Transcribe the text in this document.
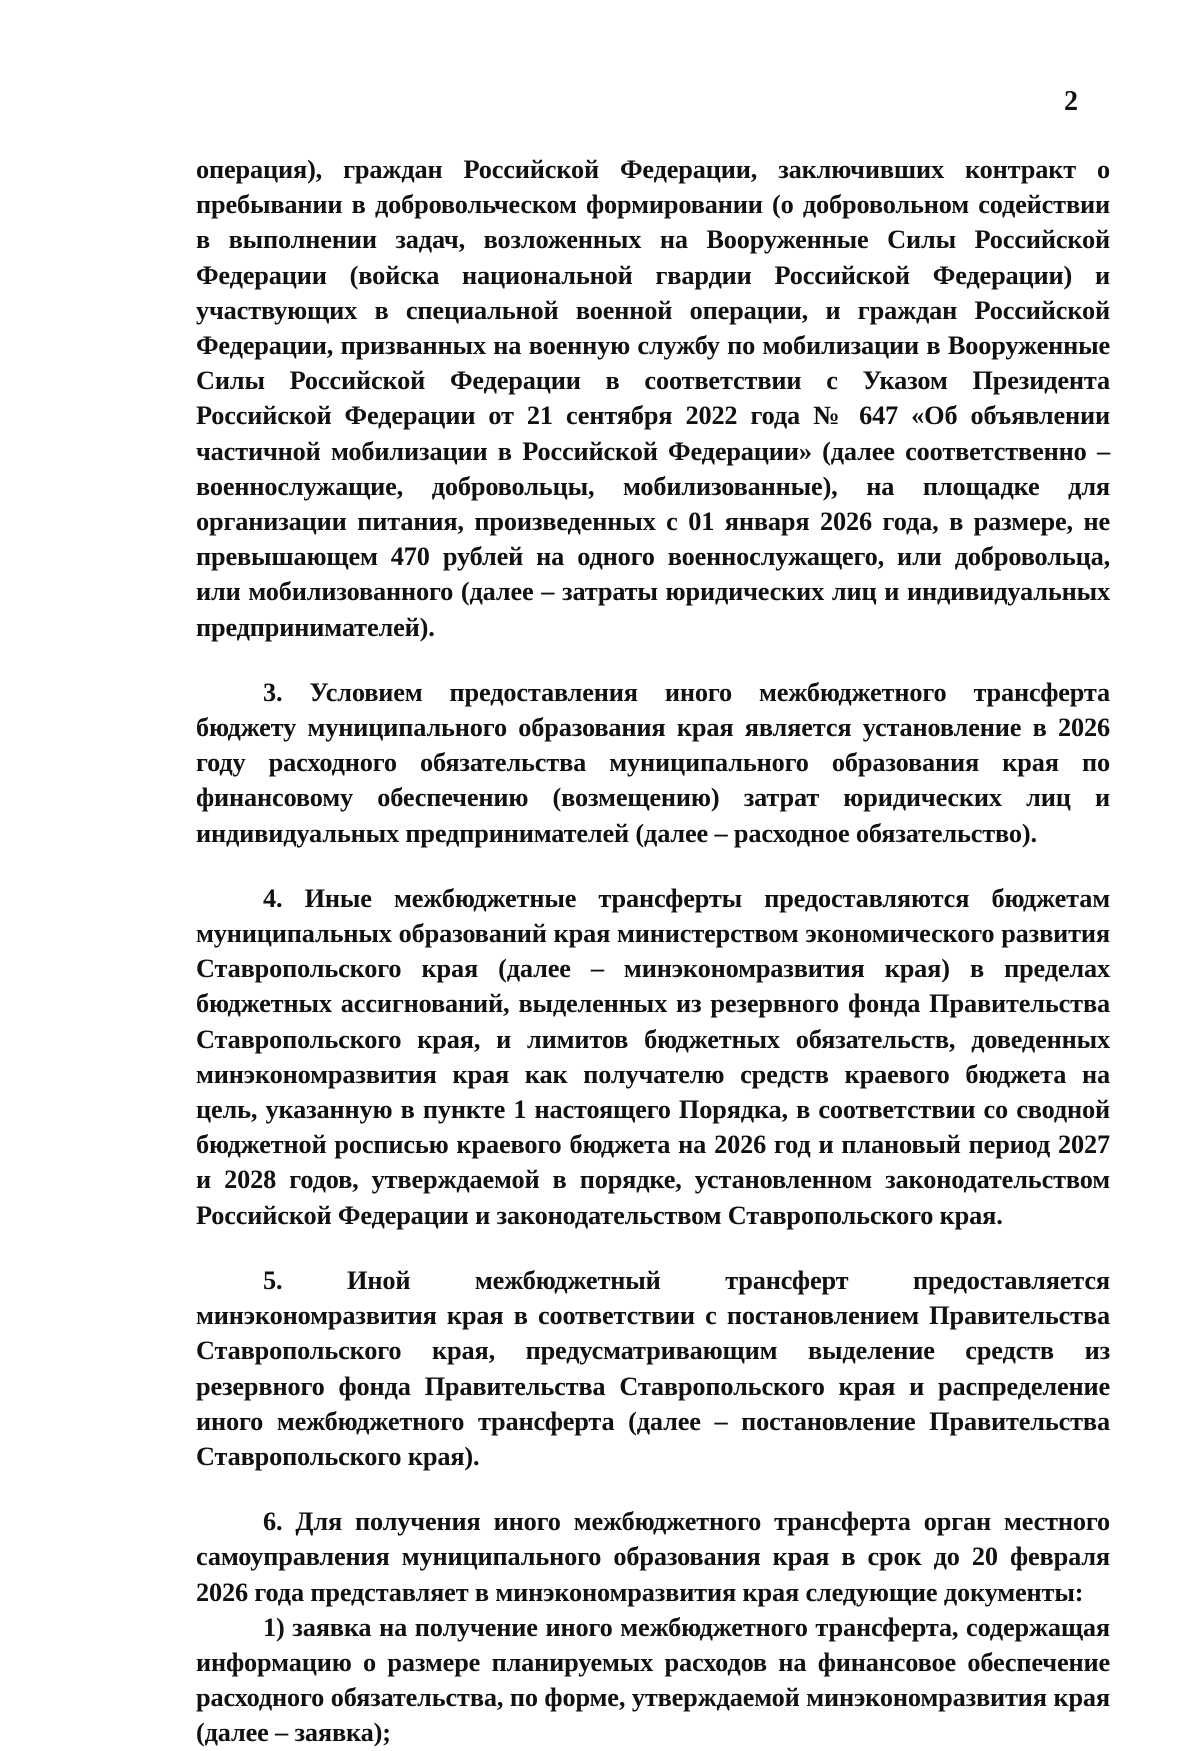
2

операция), граждан Российской Федерации, заключивших контракт о пребывании в добровольческом формировании (о добровольном содействии в выполнении задач, возложенных на Вооруженные Силы Российской Федерации (войска национальной гвардии Российской Федерации) и участвующих в специальной военной операции, и граждан Российской Федерации, призванных на военную службу по мобилизации в Вооруженные Силы Российской Федерации в соответствии с Указом Президента Российской Федерации от 21 сентября 2022 года № 647 «Об объявлении частичной мобилизации в Российской Федерации» (далее соответственно – военнослужащие, добровольцы, мобилизованные), на площадке для организации питания, произведенных с 01 января 2026 года, в размере, не превышающем 470 рублей на одного военнослужащего, или добровольца, или мобилизованного (далее – затраты юридических лиц и индивидуальных предпринимателей).

3. Условием предоставления иного межбюджетного трансферта бюджету муниципального образования края является установление в 2026 году расходного обязательства муниципального образования края по финансовому обеспечению (возмещению) затрат юридических лиц и индивидуальных предпринимателей (далее – расходное обязательство).

4. Иные межбюджетные трансферты предоставляются бюджетам муниципальных образований края министерством экономического развития Ставропольского края (далее – минэкономразвития края) в пределах бюджетных ассигнований, выделенных из резервного фонда Правительства Ставропольского края, и лимитов бюджетных обязательств, доведенных минэкономразвития края как получателю средств краевого бюджета на цель, указанную в пункте 1 настоящего Порядка, в соответствии со сводной бюджетной росписью краевого бюджета на 2026 год и плановый период 2027 и 2028 годов, утверждаемой в порядке, установленном законодательством Российской Федерации и законодательством Ставропольского края.

5. Иной межбюджетный трансферт предоставляется минэкономразвития края в соответствии с постановлением Правительства Ставропольского края, предусматривающим выделение средств из резервного фонда Правительства Ставропольского края и распределение иного межбюджетного трансферта (далее – постановление Правительства Ставропольского края).

6. Для получения иного межбюджетного трансферта орган местного самоуправления муниципального образования края в срок до 20 февраля 2026 года представляет в минэкономразвития края следующие документы:

1) заявка на получение иного межбюджетного трансферта, содержащая информацию о размере планируемых расходов на финансовое обеспечение расходного обязательства, по форме, утверждаемой минэкономразвития края (далее – заявка);
